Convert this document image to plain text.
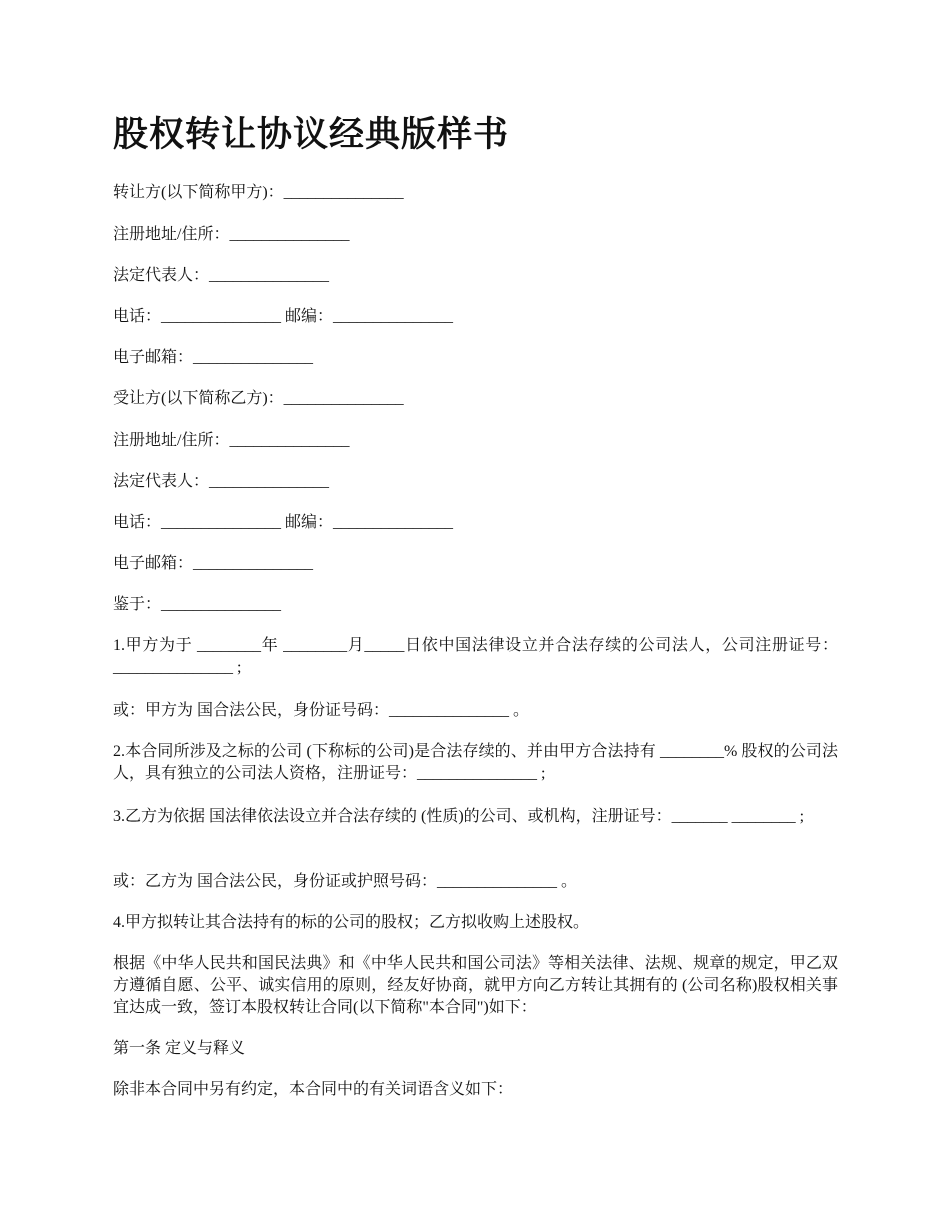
股权转让协议经典版样书

转让方(以下简称甲方)：_______________

注册地址/住所：_______________

法定代表人：_______________

电话：_______________ 邮编：_______________

电子邮箱：_______________

受让方(以下简称乙方)：_______________

注册地址/住所：_______________

法定代表人：_______________

电话：_______________ 邮编：_______________

电子邮箱：_______________

鉴于：_______________

1.甲方为于 ________年 ________月_____日依中国法律设立并合法存续的公司法人，公司注册证号：_______________ ;

或：甲方为 国合法公民，身份证号码：_______________ 。

2.本合同所涉及之标的公司 (下称标的公司)是合法存续的、并由甲方合法持有 ________% 股权的公司法人，具有独立的公司法人资格，注册证号：_______________ ;

3.乙方为依据 国法律依法设立并合法存续的 (性质)的公司、或机构，注册证号：_______ ________ ;

或：乙方为 国合法公民，身份证或护照号码：_______________ 。

4.甲方拟转让其合法持有的标的公司的股权；乙方拟收购上述股权。

根据《中华人民共和国民法典》和《中华人民共和国公司法》等相关法律、法规、规章的规定，甲乙双方遵循自愿、公平、诚实信用的原则，经友好协商，就甲方向乙方转让其拥有的 (公司名称)股权相关事宜达成一致，签订本股权转让合同(以下简称"本合同")如下：

第一条 定义与释义

除非本合同中另有约定，本合同中的有关词语含义如下：
